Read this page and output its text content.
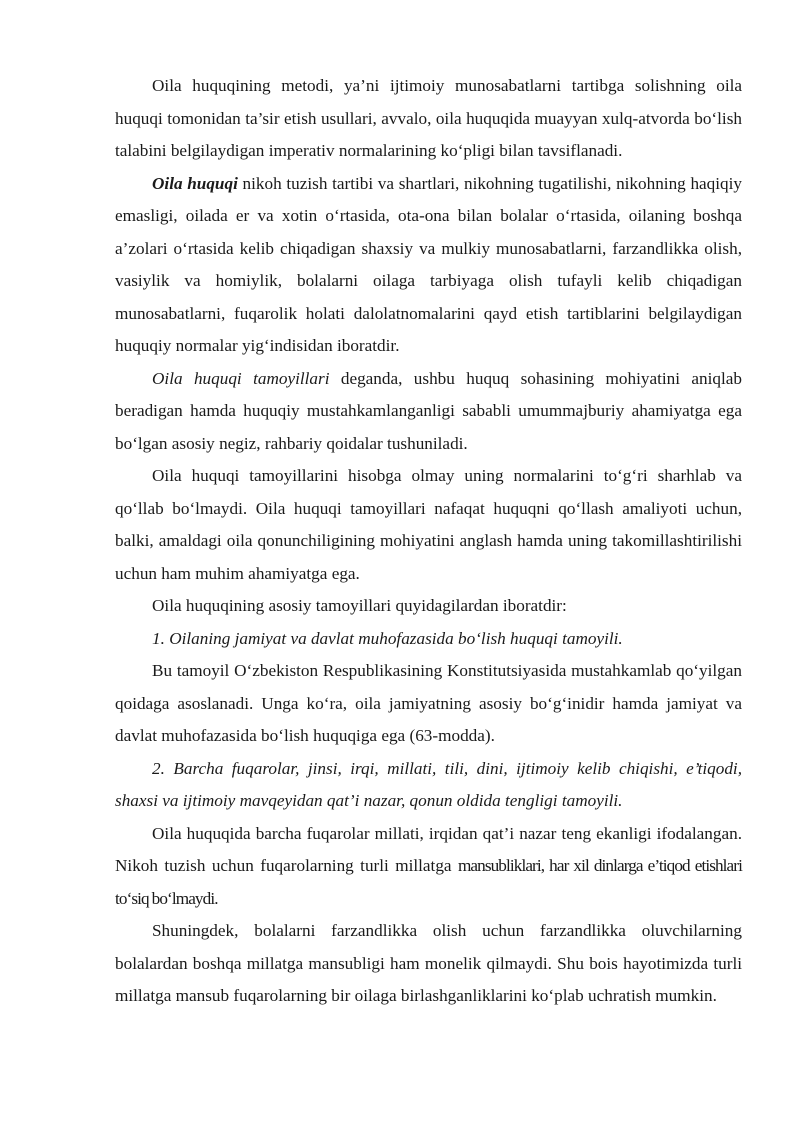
Oila huquqining metodi, ya’ni ijtimoiy munosabatlarni tartibga solishning oila huquqi tomonidan ta’sir etish usullari, avvalo, oila huquqida muayyan xulq-atvorda bo‘lish talabini belgilaydigan imperativ normalarining ko‘pligi bilan tavsiflanadi.

Oila huquqi nikoh tuzish tartibi va shartlari, nikohning tugatilishi, nikohning haqiqiy emasligi, oilada er va xotin o‘rtasida, ota-ona bilan bolalar o‘rtasida, oilaning boshqa a’zolari o‘rtasida kelib chiqadigan shaxsiy va mulkiy munosabatlarni, farzandlikka olish, vasiylik va homiylik, bolalarni oilaga tarbiyaga olish tufayli kelib chiqadigan munosabatlarni, fuqarolik holati dalolatnomalarini qayd etish tartiblarini belgilaydigan huquqiy normalar yig‘indisidan iboratdir.

Oila huquqi tamoyillari deganda, ushbu huquq sohasining mohiyatini aniqlab beradigan hamda huquqiy mustahkamlanganligi sababli umummajburiy ahamiyatga ega bo‘lgan asosiy negiz, rahbariy qoidalar tushuniladi.

Oila huquqi tamoyillarini hisobga olmay uning normalarini to‘g‘ri sharhlab va qo‘llab bo‘lmaydi. Oila huquqi tamoyillari nafaqat huquqni qo‘llash amaliyoti uchun, balki, amaldagi oila qonunchiligining mohiyatini anglash hamda uning takomillashtirilishi uchun ham muhim ahamiyatga ega.

Oila huquqining asosiy tamoyillari quyidagilardan iboratdir:

1. Oilaning jamiyat va davlat muhofazasida bo‘lish huquqi tamoyili.

Bu tamoyil O‘zbekiston Respublikasining Konstitutsiyasida mustahkamlab qo‘yilgan qoidaga asoslanadi. Unga ko‘ra, oila jamiyatning asosiy bo‘g‘inidir hamda jamiyat va davlat muhofazasida bo‘lish huquqiga ega (63-modda).

2. Barcha fuqarolar, jinsi, irqi, millati, tili, dini, ijtimoiy kelib chiqishi, e’tiqodi, shaxsi va ijtimoiy mavqeyidan qat’i nazar, qonun oldida tengligi tamoyili.

Oila huquqida barcha fuqarolar millati, irqidan qat’i nazar teng ekanligi ifodalangan. Nikoh tuzish uchun fuqarolarning turli millatga mansubliklari, har xil dinlarga e’tiqod etishlari to‘siq bo‘lmaydi.

Shuningdek, bolalarni farzandlikka olish uchun farzandlikka oluvchilarning bolalardan boshqa millatga mansubligi ham monelik qilmaydi. Shu bois hayotimizda turli millatga mansub fuqarolarning bir oilaga birlashganliklarini ko‘plab uchratish mumkin.
